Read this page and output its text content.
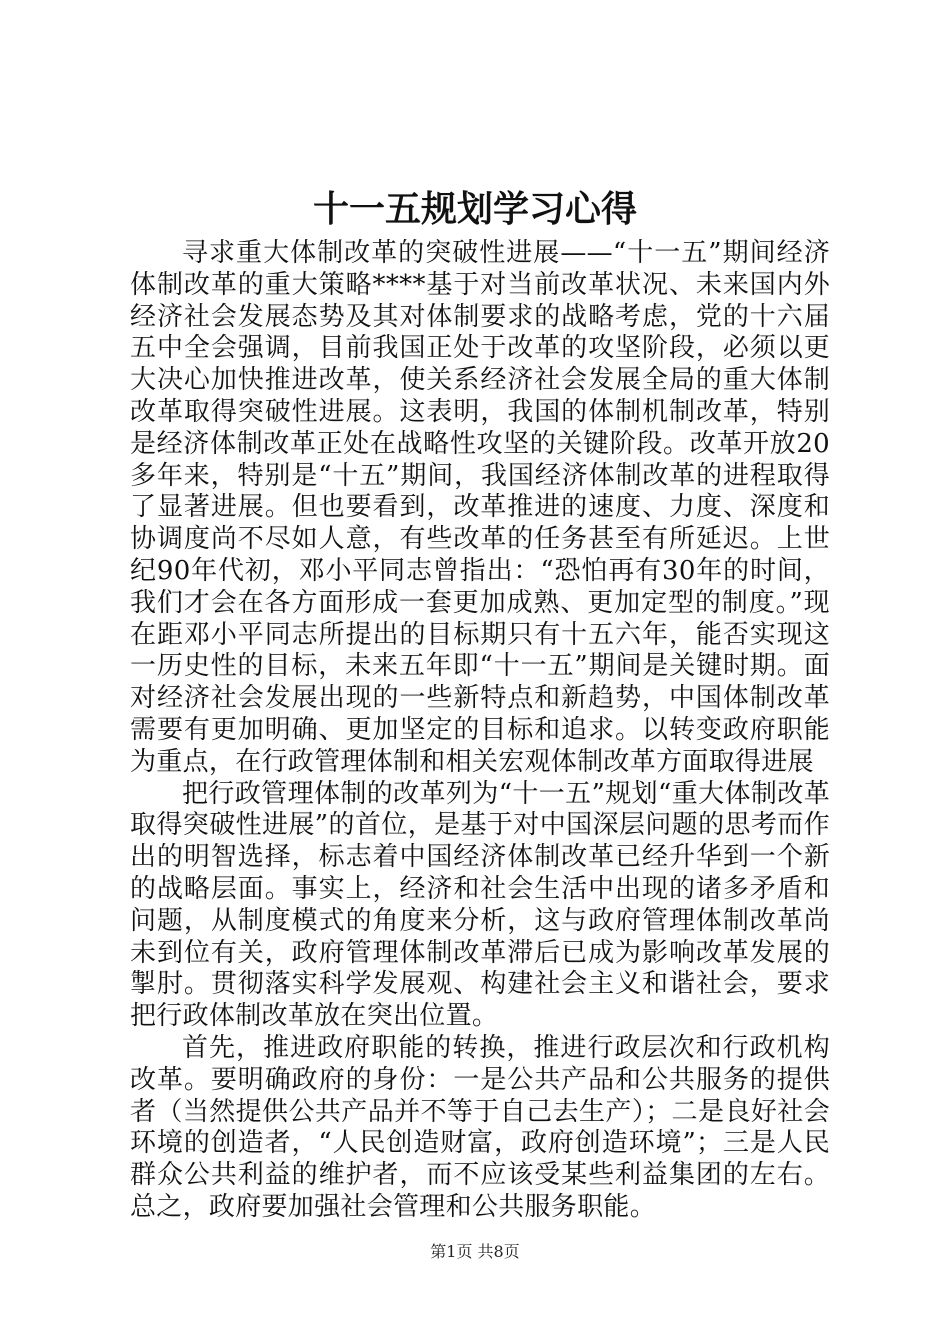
十一五规划学习心得

寻求重大体制改革的突破性进展——“十一五”期间经济体制改革的重大策略****基于对当前改革状况、未来国内外经济社会发展态势及其对体制要求的战略考虑，党的十六届五中全会强调，目前我国正处于改革的攻坚阶段，必须以更大决心加快推进改革，使关系经济社会发展全局的重大体制改革取得突破性进展。这表明，我国的体制机制改革，特别是经济体制改革正处在战略性攻坚的关键阶段。改革开放20多年来，特别是“十五”期间，我国经济体制改革的进程取得了显著进展。但也要看到，改革推进的速度、力度、深度和协调度尚不尽如人意，有些改革的任务甚至有所延迟。上世纪90年代初，邓小平同志曾指出：“恐怕再有30年的时间，我们才会在各方面形成一套更加成熟、更加定型的制度。”现在距邓小平同志所提出的目标期只有十五六年，能否实现这一历史性的目标，未来五年即“十一五”期间是关键时期。面对经济社会发展出现的一些新特点和新趋势，中国体制改革需要有更加明确、更加坚定的目标和追求。以转变政府职能为重点，在行政管理体制和相关宏观体制改革方面取得进展

把行政管理体制的改革列为“十一五”规划“重大体制改革取得突破性进展”的首位，是基于对中国深层问题的思考而作出的明智选择，标志着中国经济体制改革已经升华到一个新的战略层面。事实上，经济和社会生活中出现的诸多矛盾和问题，从制度模式的角度来分析，这与政府管理体制改革尚未到位有关，政府管理体制改革滞后已成为影响改革发展的掣肘。贯彻落实科学发展观、构建社会主义和谐社会，要求把行政体制改革放在突出位置。

首先，推进政府职能的转换，推进行政层次和行政机构改革。要明确政府的身份：一是公共产品和公共服务的提供者（当然提供公共产品并不等于自己去生产）；二是良好社会环境的创造者，“人民创造财富，政府创造环境”；三是人民群众公共利益的维护者，而不应该受某些利益集团的左右。总之，政府要加强社会管理和公共服务职能。

第1页 共8页
